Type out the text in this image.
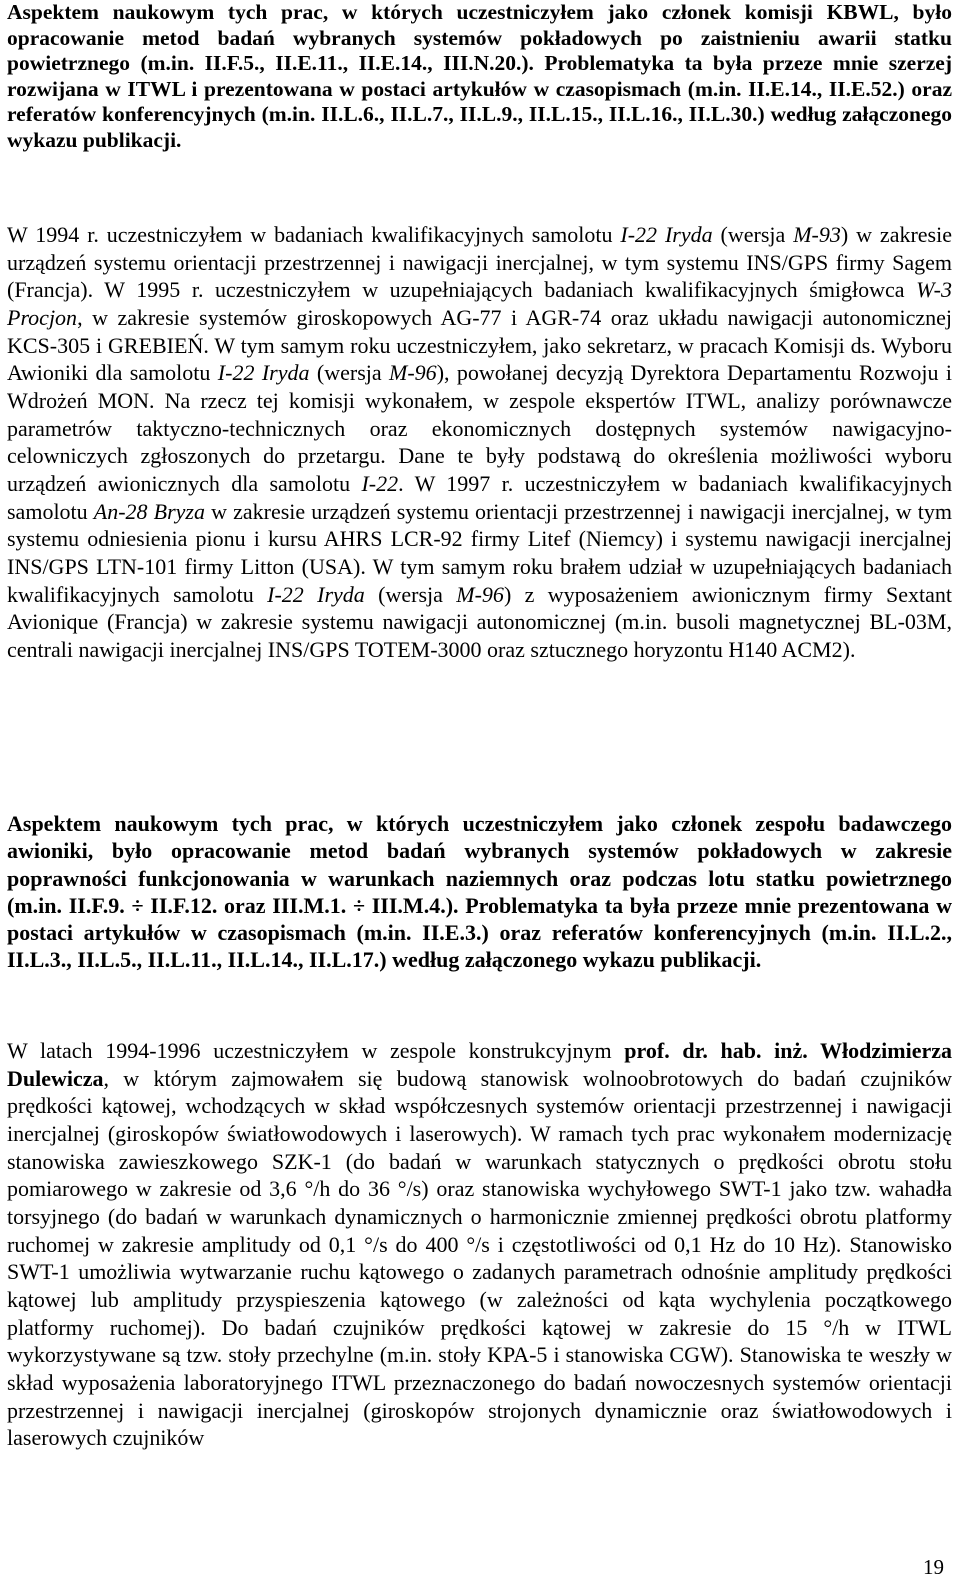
Aspektem naukowym tych prac, w których uczestniczyłem jako członek komisji KBWL, było opracowanie metod badań wybranych systemów pokładowych po zaistnieniu awarii statku powietrznego (m.in. II.F.5., II.E.11., II.E.14., III.N.20.). Problematyka ta była przeze mnie szerzej rozwijana w ITWL i prezentowana w postaci artykułów w czasopismach (m.in. II.E.14., II.E.52.) oraz referatów konferencyjnych (m.in. II.L.6., II.L.7., II.L.9., II.L.15., II.L.16., II.L.30.) według załączonego wykazu publikacji.

W 1994 r. uczestniczyłem w badaniach kwalifikacyjnych samolotu I-22 Iryda (wersja M-93) w zakresie urządzeń systemu orientacji przestrzennej i nawigacji inercjalnej, w tym systemu INS/GPS firmy Sagem (Francja). W 1995 r. uczestniczyłem w uzupełniających badaniach kwalifikacyjnych śmigłowca W-3 Procjon, w zakresie systemów giroskopowych AG-77 i AGR-74 oraz układu nawigacji autonomicznej KCS-305 i GREBIEŃ. W tym samym roku uczestniczyłem, jako sekretarz, w pracach Komisji ds. Wyboru Awioniki dla samolotu I-22 Iryda (wersja M-96), powołanej decyzją Dyrektora Departamentu Rozwoju i Wdrożeń MON. Na rzecz tej komisji wykonałem, w zespole ekspertów ITWL, analizy porównawcze parametrów taktyczno-technicznych oraz ekonomicznych dostępnych systemów nawigacyjno-celowniczych zgłoszonych do przetargu. Dane te były podstawą do określenia możliwości wyboru urządzeń awionicznych dla samolotu I-22. W 1997 r. uczestniczyłem w badaniach kwalifikacyjnych samolotu An-28 Bryza w zakresie urządzeń systemu orientacji przestrzennej i nawigacji inercjalnej, w tym systemu odniesienia pionu i kursu AHRS LCR-92 firmy Litef (Niemcy) i systemu nawigacji inercjalnej INS/GPS LTN-101 firmy Litton (USA). W tym samym roku brałem udział w uzupełniających badaniach kwalifikacyjnych samolotu I-22 Iryda (wersja M-96) z wyposażeniem awionicznym firmy Sextant Avionique (Francja) w zakresie systemu nawigacji autonomicznej (m.in. busoli magnetycznej BL-03M, centrali nawigacji inercjalnej INS/GPS TOTEM-3000 oraz sztucznego horyzontu H140 ACM2).

Aspektem naukowym tych prac, w których uczestniczyłem jako członek zespołu badawczego awioniki, było opracowanie metod badań wybranych systemów pokładowych w zakresie poprawności funkcjonowania w warunkach naziemnych oraz podczas lotu statku powietrznego (m.in. II.F.9. ÷ II.F.12. oraz III.M.1. ÷ III.M.4.). Problematyka ta była przeze mnie prezentowana w postaci artykułów w czasopismach (m.in. II.E.3.) oraz referatów konferencyjnych (m.in. II.L.2., II.L.3., II.L.5., II.L.11., II.L.14., II.L.17.) według załączonego wykazu publikacji.

W latach 1994-1996 uczestniczyłem w zespole konstrukcyjnym prof. dr. hab. inż. Włodzimierza Dulewicza, w którym zajmowałem się budową stanowisk wolnoobrotowych do badań czujników prędkości kątowej, wchodzących w skład współczesnych systemów orientacji przestrzennej i nawigacji inercjalnej (giroskopów światłowodowych i laserowych). W ramach tych prac wykonałem modernizację stanowiska zawieszkowego SZK-1 (do badań w warunkach statycznych o prędkości obrotu stołu pomiarowego w zakresie od 3,6 °/h do 36 °/s) oraz stanowiska wychyłowego SWT-1 jako tzw. wahadła torsyjnego (do badań w warunkach dynamicznych o harmonicznie zmiennej prędkości obrotu platformy ruchomej w zakresie amplitudy od 0,1 °/s do 400 °/s i częstotliwości od 0,1 Hz do 10 Hz). Stanowisko SWT-1 umożliwia wytwarzanie ruchu kątowego o zadanych parametrach odnośnie amplitudy prędkości kątowej lub amplitudy przyspieszenia kątowego (w zależności od kąta wychylenia początkowego platformy ruchomej). Do badań czujników prędkości kątowej w zakresie do 15 °/h w ITWL wykorzystywane są tzw. stoły przechylne (m.in. stoły KPA-5 i stanowiska CGW). Stanowiska te weszły w skład wyposażenia laboratoryjnego ITWL przeznaczonego do badań nowoczesnych systemów orientacji przestrzennej i nawigacji inercjalnej (giroskopów strojonych dynamicznie oraz światłowodowych i laserowych czujników

19
